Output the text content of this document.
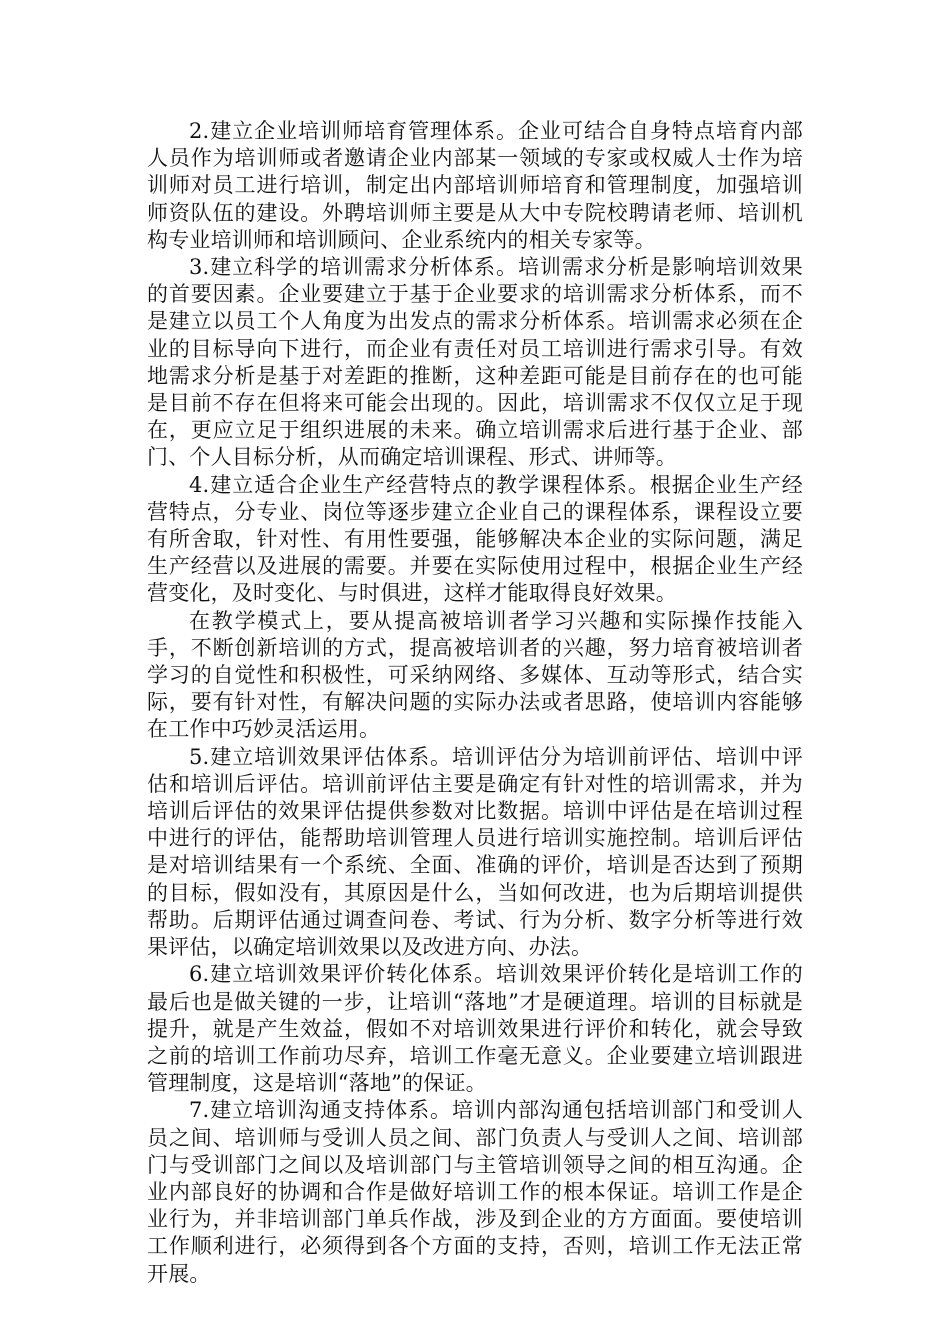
2.建立企业培训师培育管理体系。企业可结合自身特点培育内部人员作为培训师或者邀请企业内部某一领域的专家或权威人士作为培训师对员工进行培训，制定出内部培训师培育和管理制度，加强培训师资队伍的建设。外聘培训师主要是从大中专院校聘请老师、培训机构专业培训师和培训顾问、企业系统内的相关专家等。

3.建立科学的培训需求分析体系。培训需求分析是影响培训效果的首要因素。企业要建立于基于企业要求的培训需求分析体系，而不是建立以员工个人角度为出发点的需求分析体系。培训需求必须在企业的目标导向下进行，而企业有责任对员工培训进行需求引导。有效地需求分析是基于对差距的推断，这种差距可能是目前存在的也可能是目前不存在但将来可能会出现的。因此，培训需求不仅仅立足于现在，更应立足于组织进展的未来。确立培训需求后进行基于企业、部门、个人目标分析，从而确定培训课程、形式、讲师等。

4.建立适合企业生产经营特点的教学课程体系。根据企业生产经营特点，分专业、岗位等逐步建立企业自己的课程体系，课程设立要有所舍取，针对性、有用性要强，能够解决本企业的实际问题，满足生产经营以及进展的需要。并要在实际使用过程中，根据企业生产经营变化，及时变化、与时俱进，这样才能取得良好效果。

在教学模式上，要从提高被培训者学习兴趣和实际操作技能入手，不断创新培训的方式，提高被培训者的兴趣，努力培育被培训者学习的自觉性和积极性，可采纳网络、多媒体、互动等形式，结合实际，要有针对性，有解决问题的实际办法或者思路，使培训内容能够在工作中巧妙灵活运用。

5.建立培训效果评估体系。培训评估分为培训前评估、培训中评估和培训后评估。培训前评估主要是确定有针对性的培训需求，并为培训后评估的效果评估提供参数对比数据。培训中评估是在培训过程中进行的评估，能帮助培训管理人员进行培训实施控制。培训后评估是对培训结果有一个系统、全面、准确的评价，培训是否达到了预期的目标，假如没有，其原因是什么，当如何改进，也为后期培训提供帮助。后期评估通过调查问卷、考试、行为分析、数字分析等进行效果评估，以确定培训效果以及改进方向、办法。

6.建立培训效果评价转化体系。培训效果评价转化是培训工作的最后也是做关键的一步，让培训“落地”才是硬道理。培训的目标就是提升，就是产生效益，假如不对培训效果进行评价和转化，就会导致之前的培训工作前功尽弃，培训工作毫无意义。企业要建立培训跟进管理制度，这是培训“落地”的保证。

7.建立培训沟通支持体系。培训内部沟通包括培训部门和受训人员之间、培训师与受训人员之间、部门负责人与受训人之间、培训部门与受训部门之间以及培训部门与主管培训领导之间的相互沟通。企业内部良好的协调和合作是做好培训工作的根本保证。培训工作是企业行为，并非培训部门单兵作战，涉及到企业的方方面面。要使培训工作顺利进行，必须得到各个方面的支持，否则，培训工作无法正常开展。
